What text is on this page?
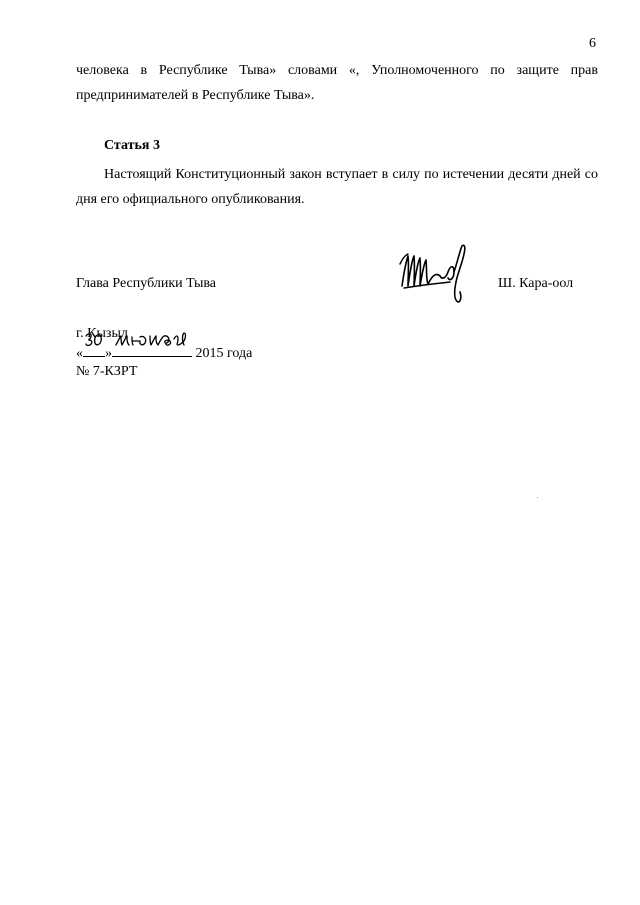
6
человека в Республике Тыва» словами «, Уполномоченного по защите прав предпринимателей в Республике Тыва».
Статья 3
Настоящий Конституционный закон вступает в силу по истечении десяти дней со дня его официального опубликования.
Глава Республики Тыва	Ш. Кара-оол
г. Кызыл
« »	2015 года
№ 7-КЗРТ
